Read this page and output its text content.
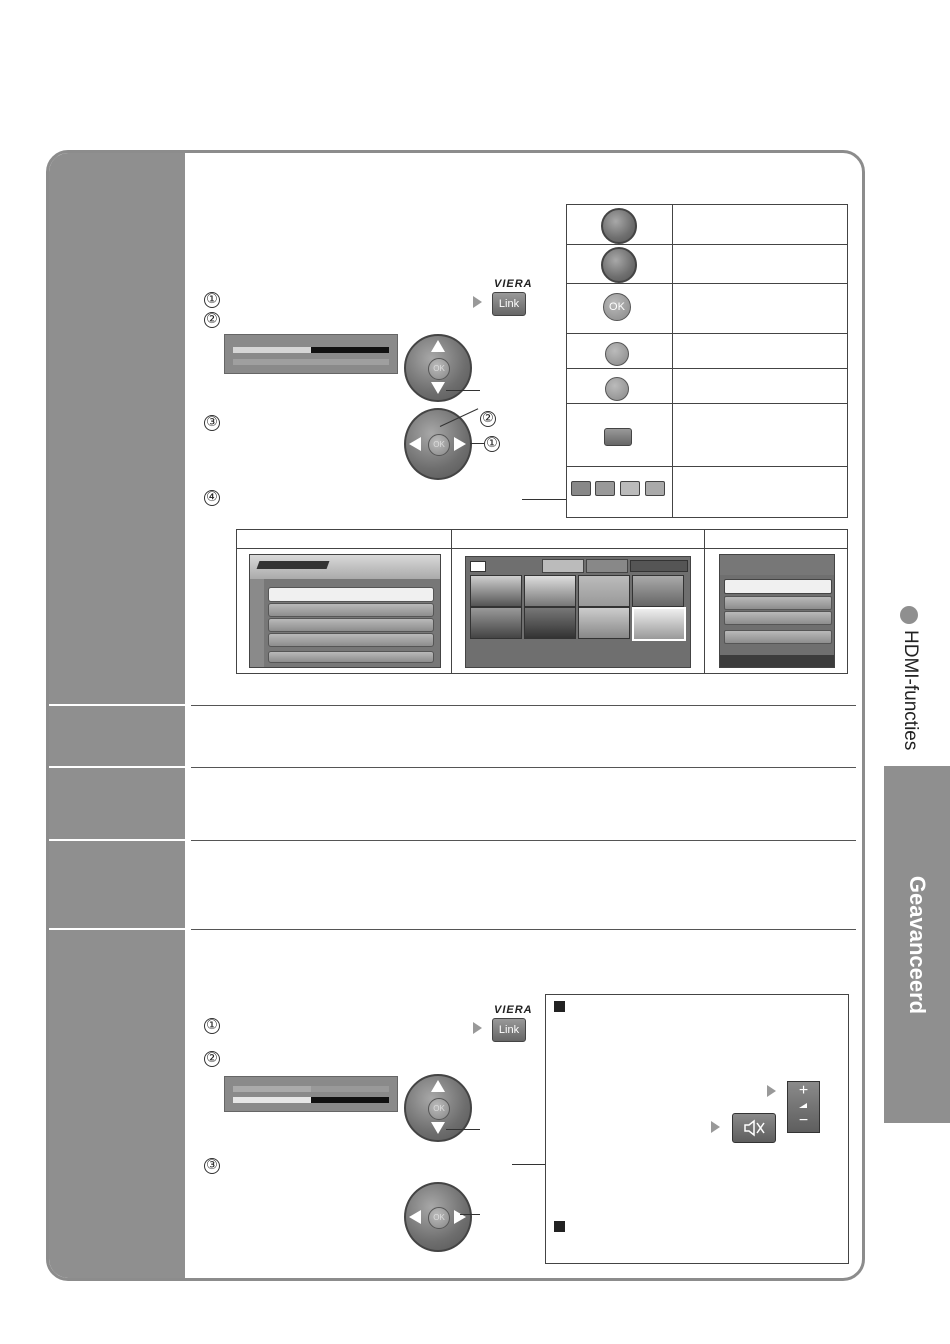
①
②
③
④
VIERA
Link
OK
OK
②
①
OK
①
②
③
VIERA
Link
OK
OK
+
−
HDMI-functies
Geavanceerd
